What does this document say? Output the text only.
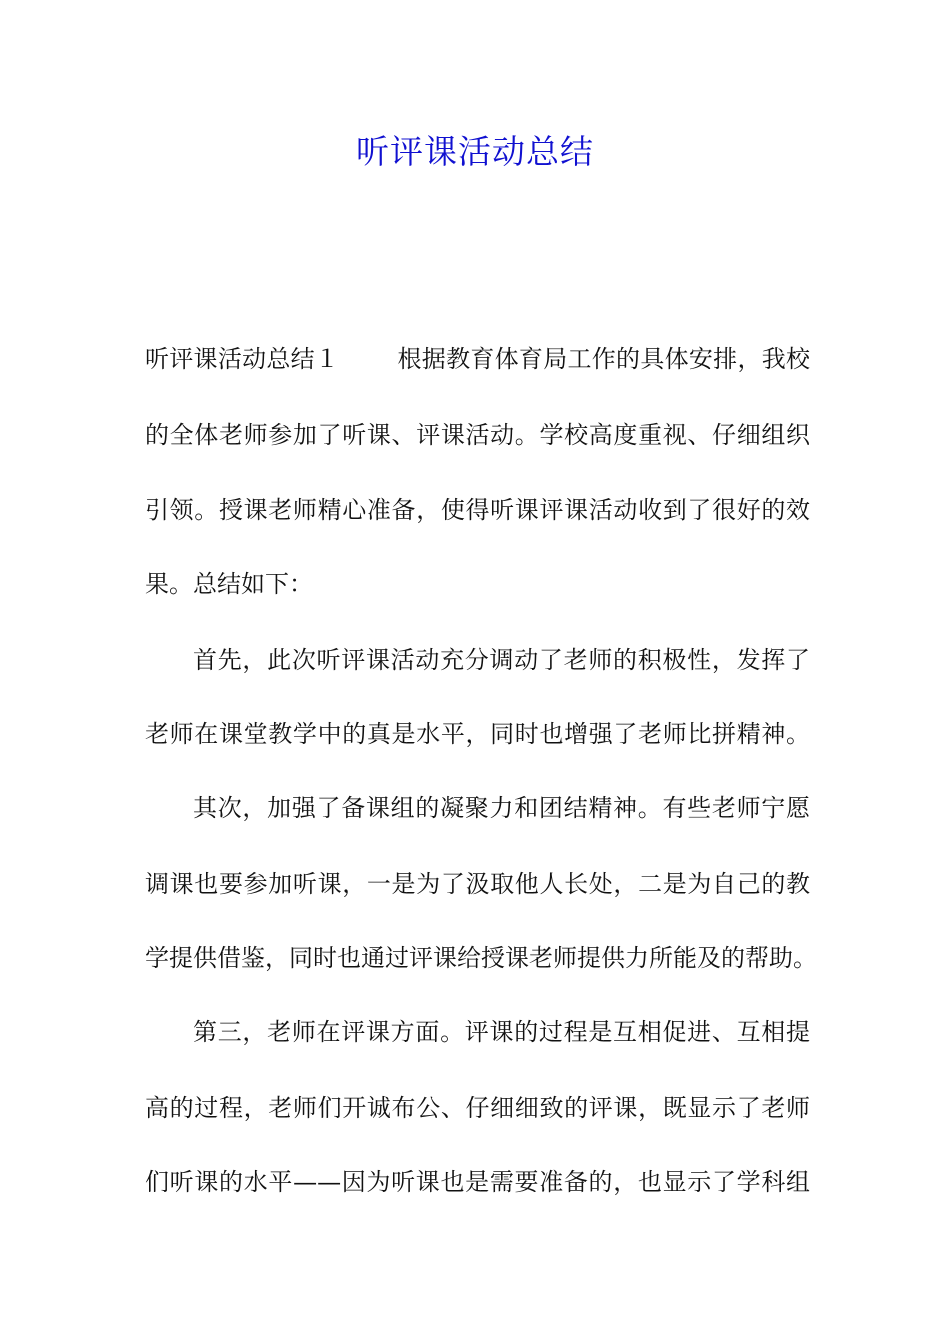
听评课活动总结
听评课活动总结１ 根据教育体育局工作的具体安排，我校
的全体老师参加了听课、评课活动。学校高度重视、仔细组织
引领。授课老师精心准备，使得听课评课活动收到了很好的效
果。总结如下：
首先，此次听评课活动充分调动了老师的积极性，发挥了
老师在课堂教学中的真是水平，同时也增强了老师比拼精神。
其次，加强了备课组的凝聚力和团结精神。有些老师宁愿
调课也要参加听课，一是为了汲取他人长处，二是为自己的教
学提供借鉴，同时也通过评课给授课老师提供力所能及的帮助。
第三，老师在评课方面。评课的过程是互相促进、互相提
高的过程，老师们开诚布公、仔细细致的评课，既显示了老师
们听课的水平——因为听课也是需要准备的，也显示了学科组
